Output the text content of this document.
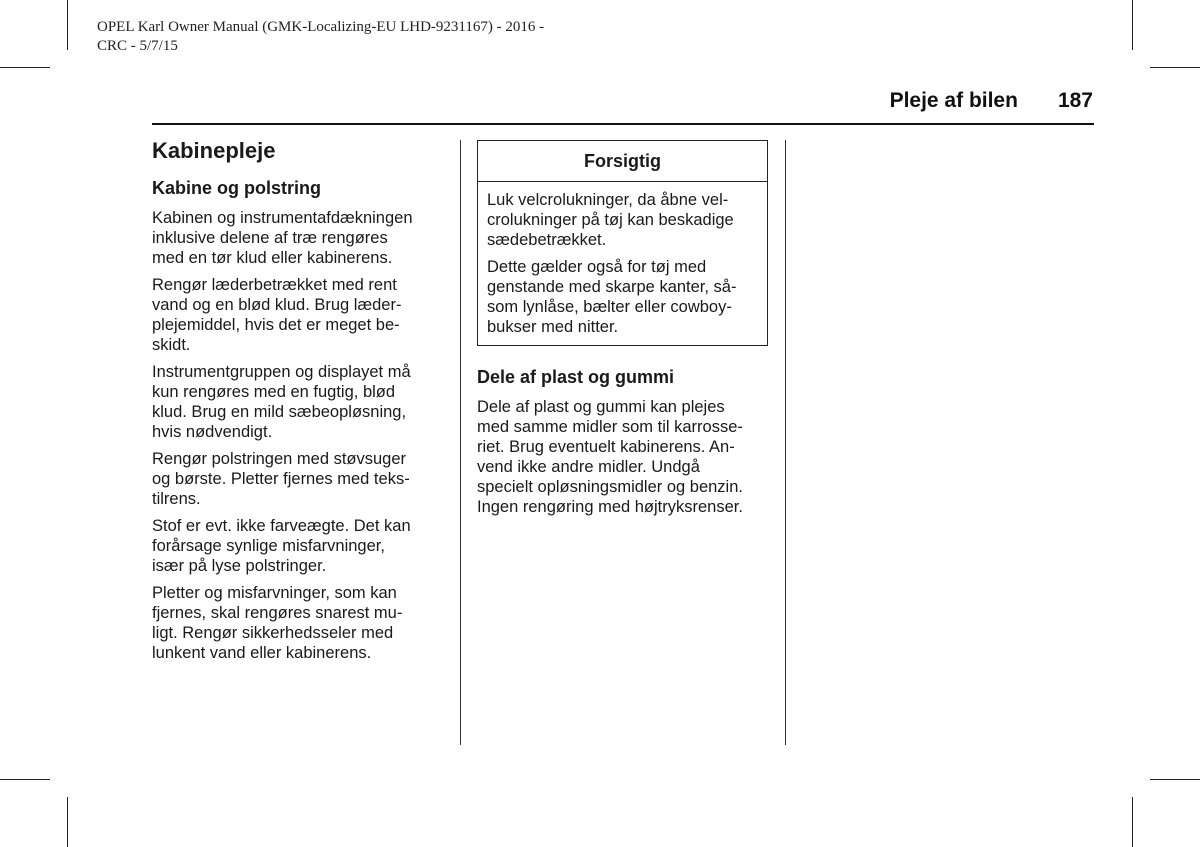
OPEL Karl Owner Manual (GMK-Localizing-EU LHD-9231167) - 2016 -
CRC - 5/7/15
Pleje af bilen 187
Kabinepleje
Kabine og polstring

Kabinen og instrumentafdækningen
inklusive delene af træ rengøres
med en tør klud eller kabinerens.

Rengør læderbetrækket med rent
vand og en blød klud. Brug læder-
plejemiddel, hvis det er meget be-
skidt.

Instrumentgruppen og displayet må
kun rengøres med en fugtig, blød
klud. Brug en mild sæbeopløsning,
hvis nødvendigt.

Rengør polstringen med støvsuger
og børste. Pletter fjernes med teks-
tilrens.

Stof er evt. ikke farveægte. Det kan
forårsage synlige misfarvninger,
især på lyse polstringer.

Pletter og misfarvninger, som kan
fjernes, skal rengøres snarest mu-
ligt. Rengør sikkerhedsseler med
lunkent vand eller kabinerens.

Forsigtig

Luk velcrolukninger, da åbne vel-
crolukninger på tøj kan beskadige
sædebetrækket.

Dette gælder også for tøj med
genstande med skarpe kanter, så-
som lynlåse, bælter eller cowboy-
bukser med nitter.

Dele af plast og gummi

Dele af plast og gummi kan plejes
med samme midler som til karrosse-
riet. Brug eventuelt kabinerens. An-
vend ikke andre midler. Undgå
specielt opløsningsmidler og benzin.
Ingen rengøring med højtryksrenser.
